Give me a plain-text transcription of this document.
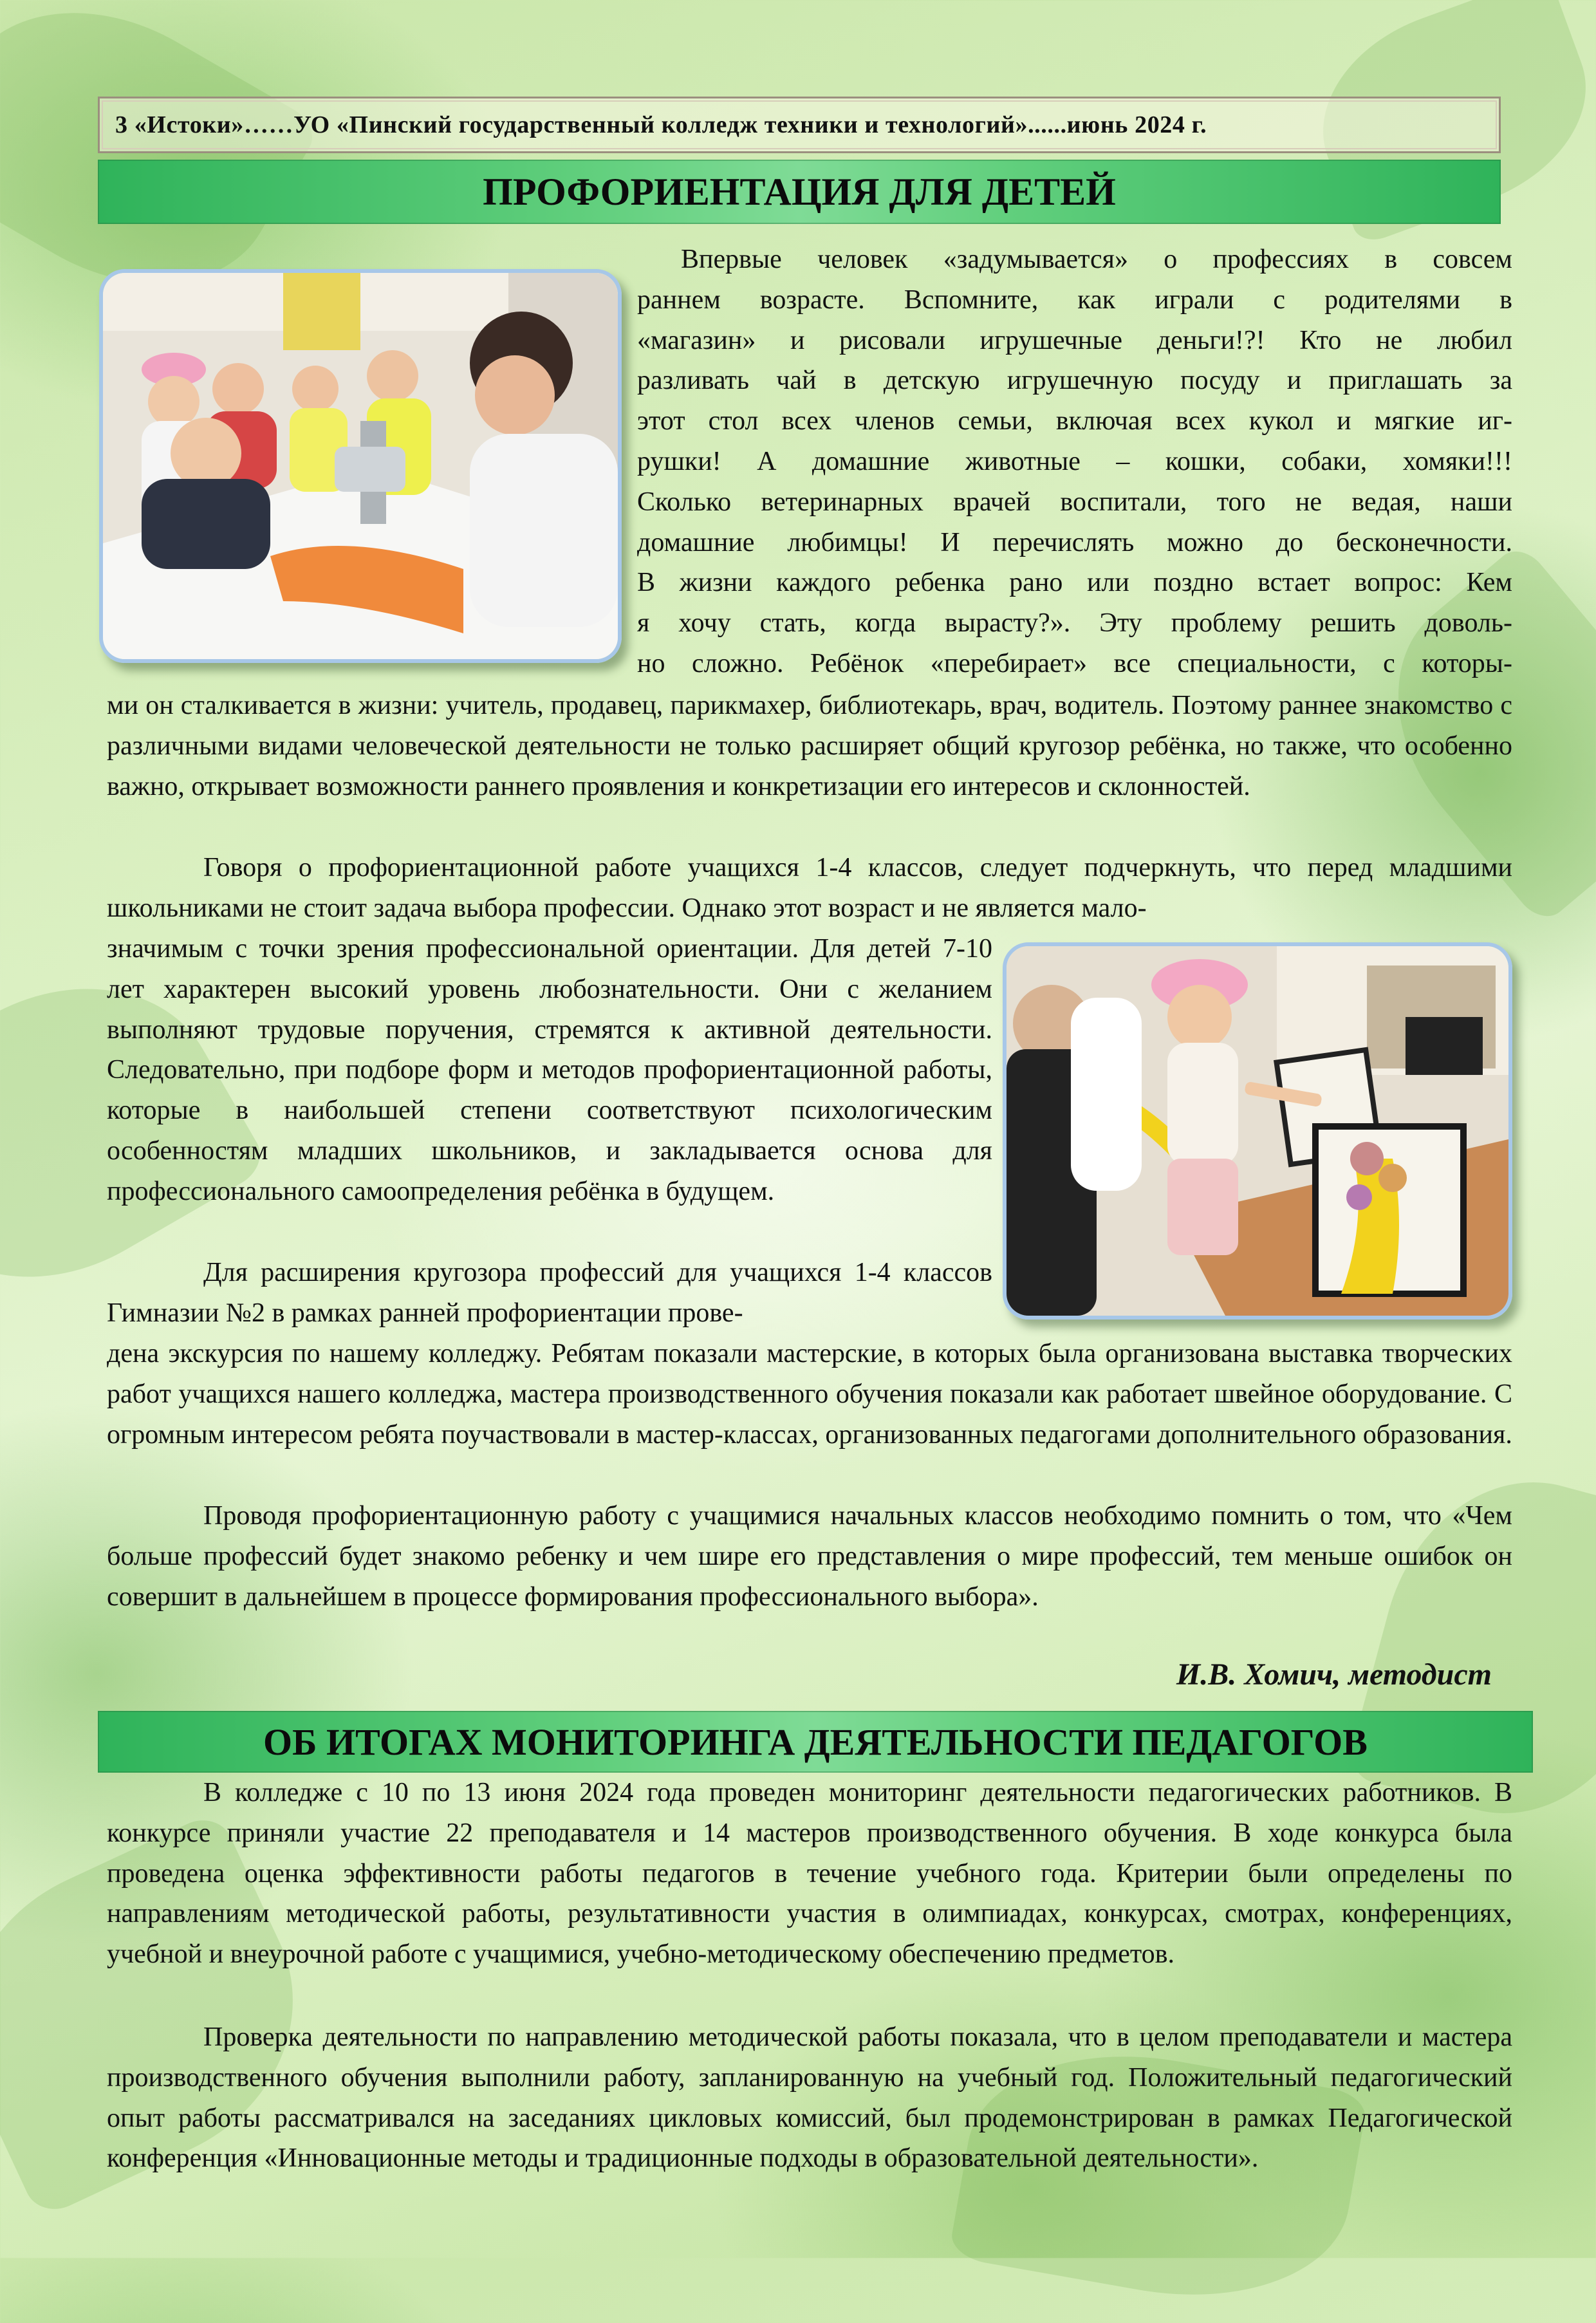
3 «Истоки»……УО «Пинский государственный колледж техники и технологий»......июнь 2024 г.
ПРОФОРИЕНТАЦИЯ ДЛЯ ДЕТЕЙ
Впервые человек «задумывается» о профессиях в совсем
раннем возрасте. Вспомните, как играли с родителями в
«магазин» и рисовали игрушечные деньги!?! Кто не любил
разливать чай в детскую игрушечную посуду и приглашать за
этот стол всех членов семьи, включая всех кукол и мягкие иг-
рушки! А домашние животные – кошки, собаки, хомяки!!!
Сколько ветеринарных врачей воспитали, того не ведая, наши
домашние любимцы! И перечислять можно до бесконечности.
В жизни каждого ребенка рано или поздно встает вопрос: Кем
я хочу стать, когда вырасту?». Эту проблему решить доволь-
но сложно. Ребёнок «перебирает» все специальности, с которы-

ми он сталкивается в жизни: учитель, продавец, парикмахер, библиотекарь, врач, водитель. Поэтому раннее знакомство с различными видами человеческой деятельности не только расширяет общий кругозор ребёнка, но также, что особенно важно, открывает возможности раннего проявления и конкретизации его интересов и склонностей.

Говоря о профориентационной работе учащихся 1-4 классов, следует подчеркнуть, что перед младшими школьниками не стоит задача выбора профессии. Однако этот возраст и не является мало-

значимым с точки зрения профессиональной ориентации. Для детей 7-10 лет характерен высокий уровень любознательности. Они с желанием выполняют трудовые поручения, стремятся к активной деятельности. Следовательно, при подборе форм и методов профориентационной работы, которые в наибольшей степени соответствуют психологическим особенностям младших школьников, и закладывается основа для профессионального самоопределения ребёнка в будущем.

Для расширения кругозора профессий для учащихся 1-4 классов Гимназии №2 в рамках ранней профориентации прове-

дена экскурсия по нашему колледжу. Ребятам показали мастерские, в которых была организована выставка творческих работ учащихся нашего колледжа, мастера производственного обучения показали как работает швейное оборудование. С огромным интересом ребята поучаствовали в мастер-классах, организованных педагогами дополнительного образования.

Проводя профориентационную работу с учащимися начальных классов необходимо помнить о том, что «Чем больше профессий будет знакомо ребенку и чем шире его представления о мире профессий, тем меньше ошибок он совершит в дальнейшем в процессе формирования профессионального выбора».

И.В. Хомич, методист
ОБ ИТОГАХ МОНИТОРИНГА ДЕЯТЕЛЬНОСТИ ПЕДАГОГОВ

В колледже с 10 по 13 июня 2024 года проведен мониторинг деятельности педагогических работников. В конкурсе приняли участие 22 преподавателя и 14 мастеров производственного обучения. В ходе конкурса была проведена оценка эффективности работы педагогов в течение учебного года. Критерии были определены по направлениям методической работы, результативности участия в олимпиадах, конкурсах, смотрах, конференциях, учебной и внеурочной работе с учащимися, учебно-методическому обеспечению предметов.

Проверка деятельности по направлению методической работы показала, что в целом преподаватели и мастера производственного обучения выполнили работу, запланированную на учебный год. Положительный педагогический опыт работы рассматривался на заседаниях цикловых комиссий, был продемонстрирован в рамках Педагогической конференция «Инновационные методы и традиционные подходы в образовательной деятельности».
